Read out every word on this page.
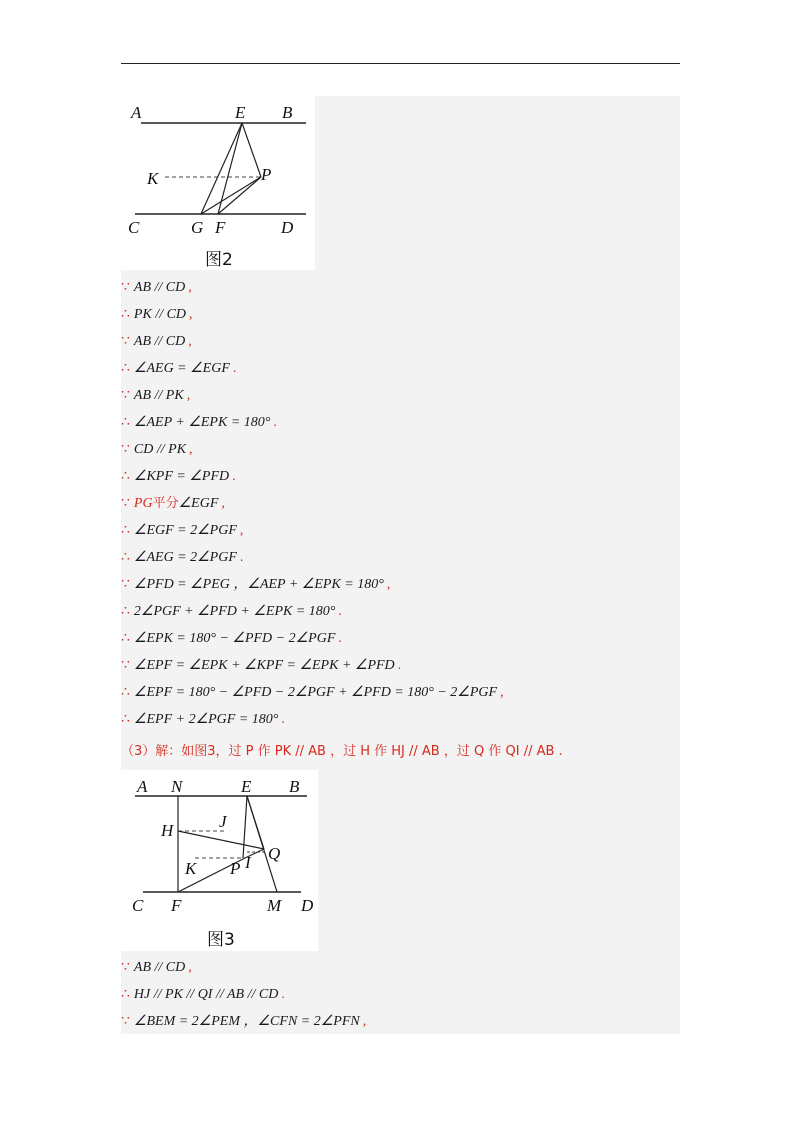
A	E B
K	P
C	G F	D
图2
∵ AB // CD ,
∴ PK // CD ,
∵ AB // CD ,
∴ ∠AEG = ∠EGF .
∵ AB // PK ,
∴ ∠AEP + ∠EPK = 180° .
∵ CD // PK ,
∴ ∠KPF = ∠PFD .
∵ PG平分∠EGF ,
∴ ∠EGF = 2∠PGF ,
∴ ∠AEG = 2∠PGF .
∵ ∠PFD = ∠PEG ，∠AEP + ∠EPK = 180° ,
∴ 2∠PGF + ∠PFD + ∠EPK = 180° .
∴ ∠EPK = 180° − ∠PFD − 2∠PGF .
∵ ∠EPF = ∠EPK + ∠KPF = ∠EPK + ∠PFD .
∴ ∠EPF = 180° − ∠PFD − 2∠PGF + ∠PFD = 180° − 2∠PGF ,
∴ ∠EPF + 2∠PGF = 180° .
（3）解：如图3，过 P 作 PK // AB ，过 H 作 HJ // AB ，过 Q 作 QI // AB .
A N	E B
H	J
Q
K P I
C F	M D
图3
∵ AB // CD ,
∴ HJ // PK // QI // AB // CD .
∵ ∠BEM = 2∠PEM ，∠CFN = 2∠PFN ,
